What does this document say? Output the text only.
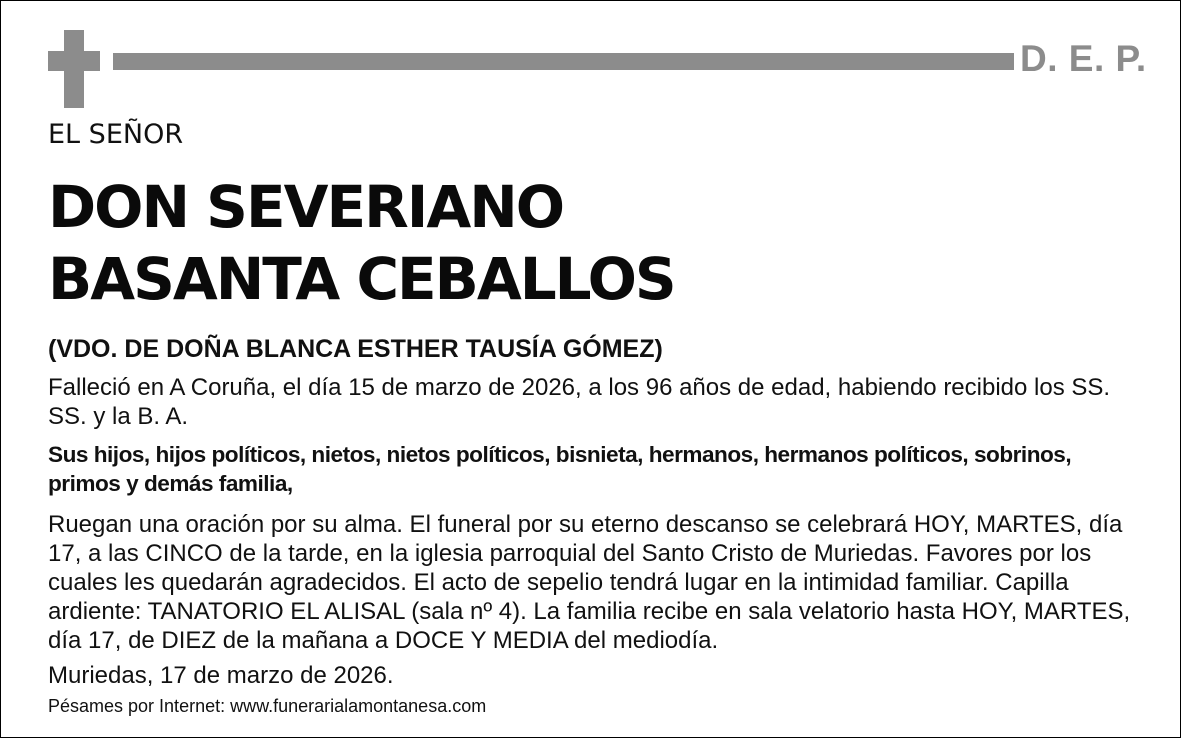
D. E. P.
EL SEÑOR
DON SEVERIANO
BASANTA CEBALLOS
(VDO. DE DOÑA BLANCA ESTHER TAUSÍA GÓMEZ)

Falleció en A Coruña, el día 15 de marzo de 2026, a los 96 años de edad, habiendo recibido los SS. SS. y la B. A.

Sus hijos, hijos políticos, nietos, nietos políticos, bisnieta, hermanos, hermanos políticos, sobrinos, primos y demás familia,

Ruegan una oración por su alma. El funeral por su eterno descanso se celebrará HOY, MARTES, día 17, a las CINCO de la tarde, en la iglesia parroquial del Santo Cristo de Muriedas. Favores por los cuales les quedarán agradecidos. El acto de sepelio tendrá lugar en la intimidad familiar. Capilla ardiente: TANATORIO EL ALISAL (sala nº 4). La familia recibe en sala velatorio hasta HOY, MARTES, día 17, de DIEZ de la mañana a DOCE Y MEDIA del mediodía.

Muriedas, 17 de marzo de 2026.
Pésames por Internet: www.funerarialamontanesa.com
